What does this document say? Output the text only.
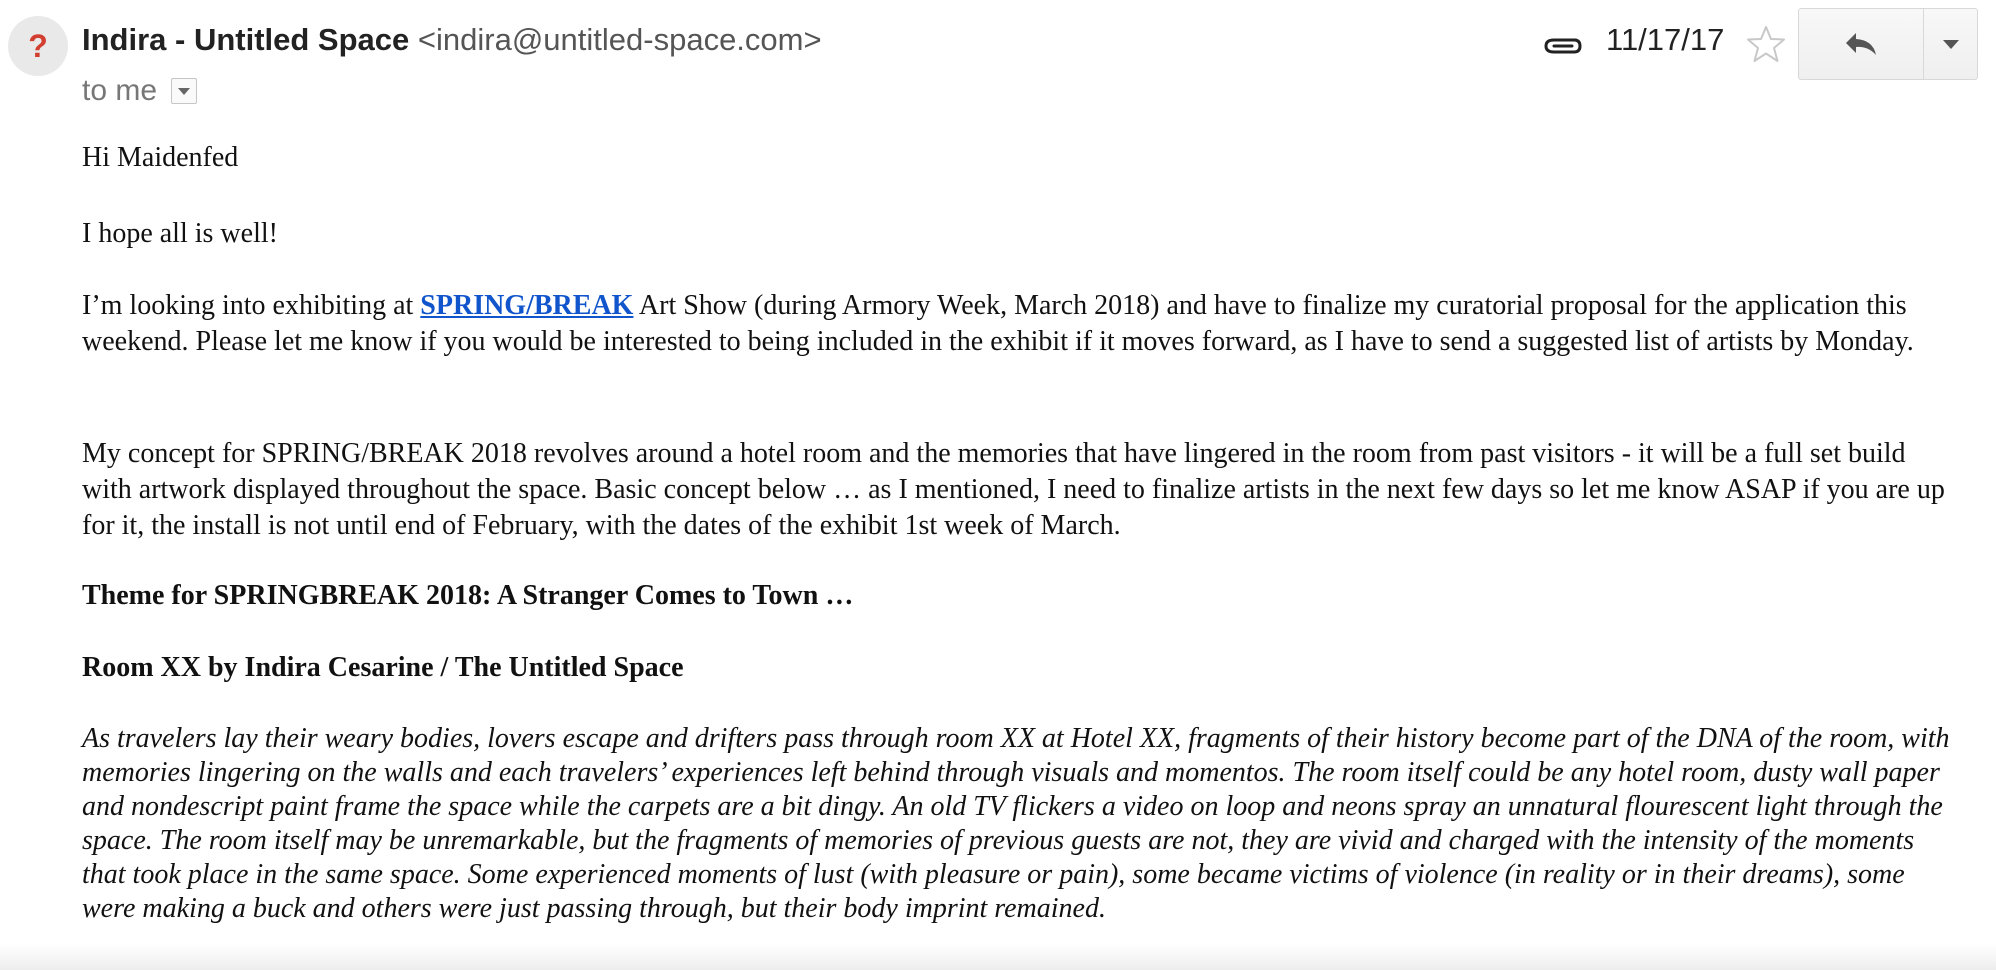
? Indira - Untitled Space <indira@untitled-space.com>
to me
11/17/17

Hi Maidenfed

I hope all is well!

I’m looking into exhibiting at SPRING/BREAK Art Show (during Armory Week, March 2018) and have to finalize my curatorial proposal for the application this weekend. Please let me know if you would be interested to being included in the exhibit if it moves forward, as I have to send a suggested list of artists by Monday.

My concept for SPRING/BREAK 2018 revolves around a hotel room and the memories that have lingered in the room from past visitors - it will be a full set build with artwork displayed throughout the space. Basic concept below … as I mentioned, I need to finalize artists in the next few days so let me know ASAP if you are up for it, the install is not until end of February, with the dates of the exhibit 1st week of March.

Theme for SPRINGBREAK 2018: A Stranger Comes to Town …

Room XX by Indira Cesarine / The Untitled Space

As travelers lay their weary bodies, lovers escape and drifters pass through room XX at Hotel XX, fragments of their history become part of the DNA of the room, with memories lingering on the walls and each travelers’ experiences left behind through visuals and momentos. The room itself could be any hotel room, dusty wall paper and nondescript paint frame the space while the carpets are a bit dingy. An old TV flickers a video on loop and neons spray an unnatural flourescent light through the space. The room itself may be unremarkable, but the fragments of memories of previous guests are not, they are vivid and charged with the intensity of the moments that took place in the same space. Some experienced moments of lust (with pleasure or pain), some became victims of violence (in reality or in their dreams), some were making a buck and others were just passing through, but their body imprint remained.
